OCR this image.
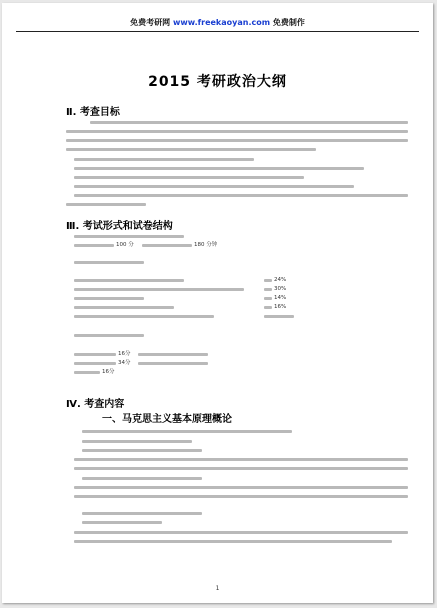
免费考研网 www.freekaoyan.com 免费制作
2015 考研政治大纲
Ⅱ. 考查目标
Ⅲ. 考试形式和试卷结构
100 分	180 分钟
24%
30%
14%
16%
16分
34分
16分
Ⅳ. 考查内容
一、马克思主义基本原理概论
1
